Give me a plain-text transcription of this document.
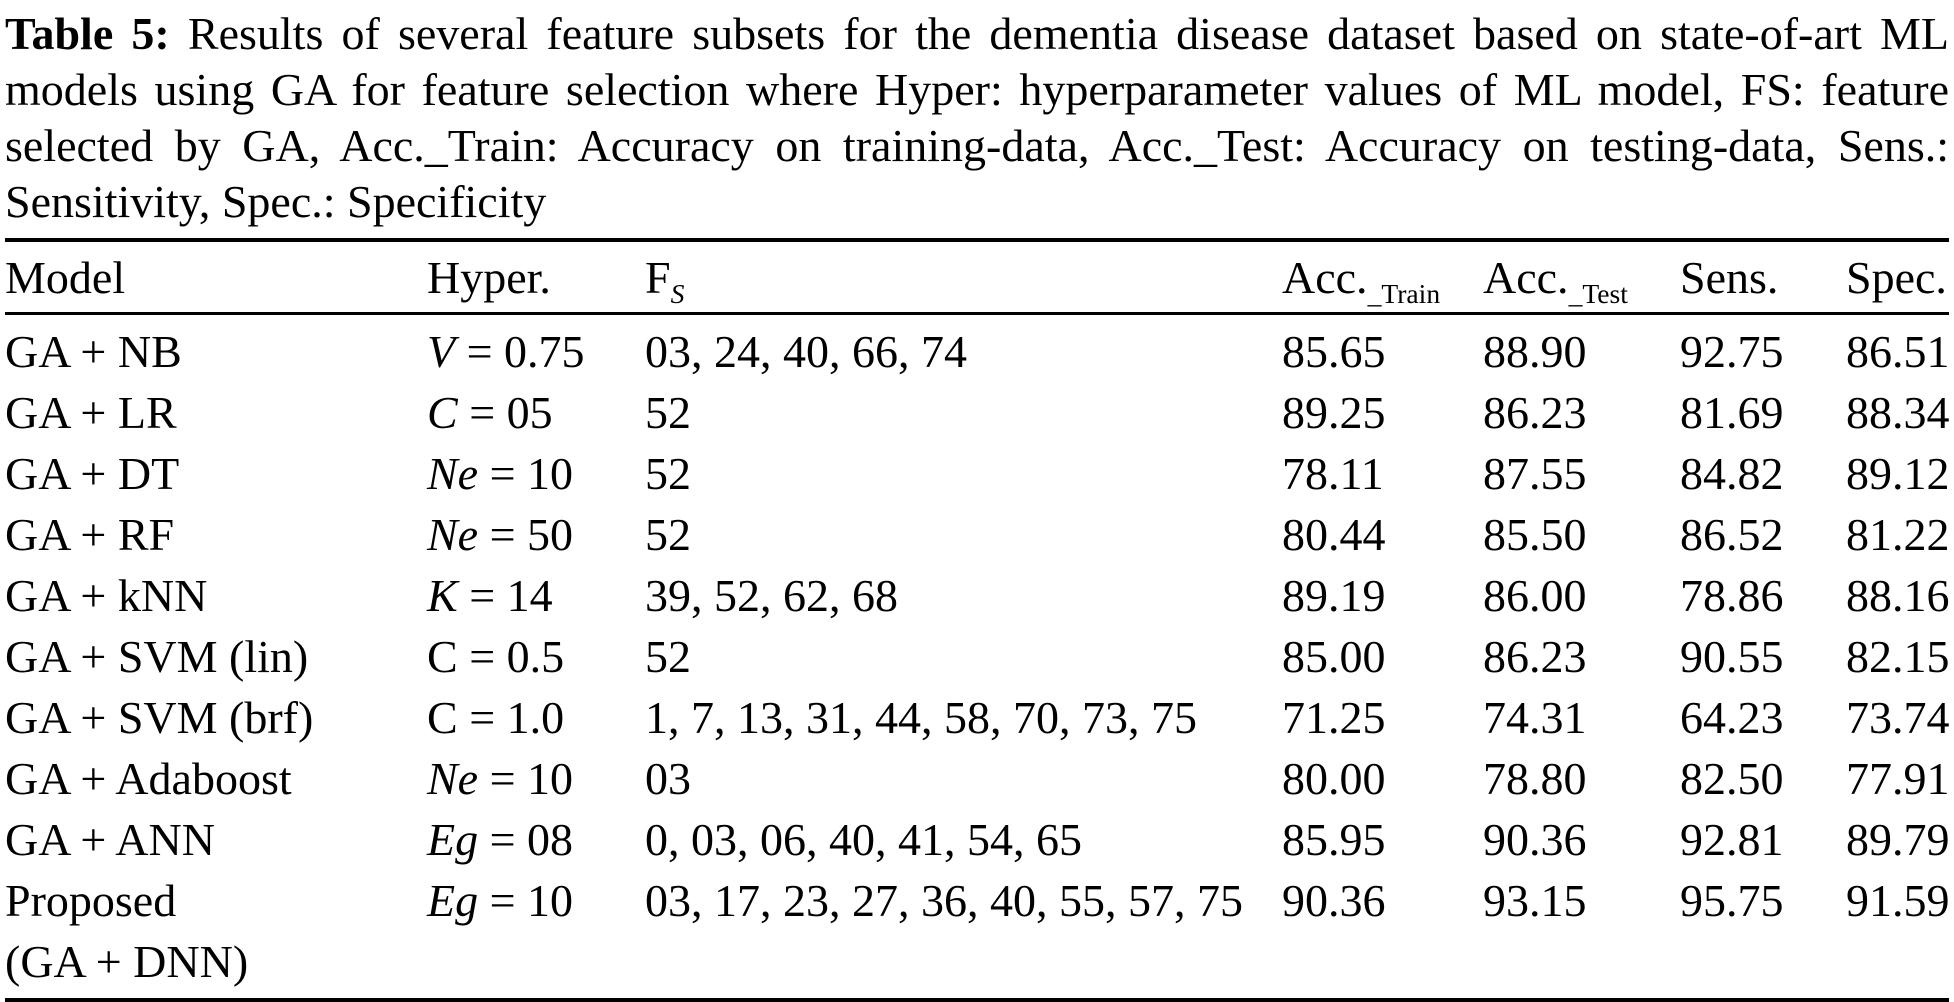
Table 5: Results of several feature subsets for the dementia disease dataset based on state-of-art ML
models using GA for feature selection where Hyper: hyperparameter values of ML model, FS: feature
selected by GA, Acc._Train: Accuracy on training-data, Acc._Test: Accuracy on testing-data, Sens.:
Sensitivity, Spec.: Specificity
Model	Hyper.	$F_S$	$Acc._{\_Train}$	$Acc._{\_Test}$	Sens.	Spec.

GA + NB	V = 0.75	03, 24, 40, 66, 74	85.65	88.90	92.75	86.51

GA + LR	C = 05	52	89.25	86.23	81.69	88.34

GA + DT	Ne = 10	52	78.11	87.55	84.82	89.12

GA + RF	Ne = 50	52	80.44	85.50	86.52	81.22

GA + kNN	K = 14	39, 52, 62, 68	89.19	86.00	78.86	88.16

GA + SVM (lin)	C = 0.5	52	85.00	86.23	90.55	82.15

GA + SVM (brf)	C = 1.0	1, 7, 13, 31, 44, 58, 70, 73, 75	71.25	74.31	64.23	73.74

GA + Adaboost	Ne = 10	03	80.00	78.80	82.50	77.91

GA + ANN	Eg = 08	0, 03, 06, 40, 41, 54, 65	85.95	90.36	92.81	89.79

Proposed
(GA + DNN)	Eg = 10	03, 17, 23, 27, 36, 40, 55, 57, 75	90.36	93.15	95.75	91.59
